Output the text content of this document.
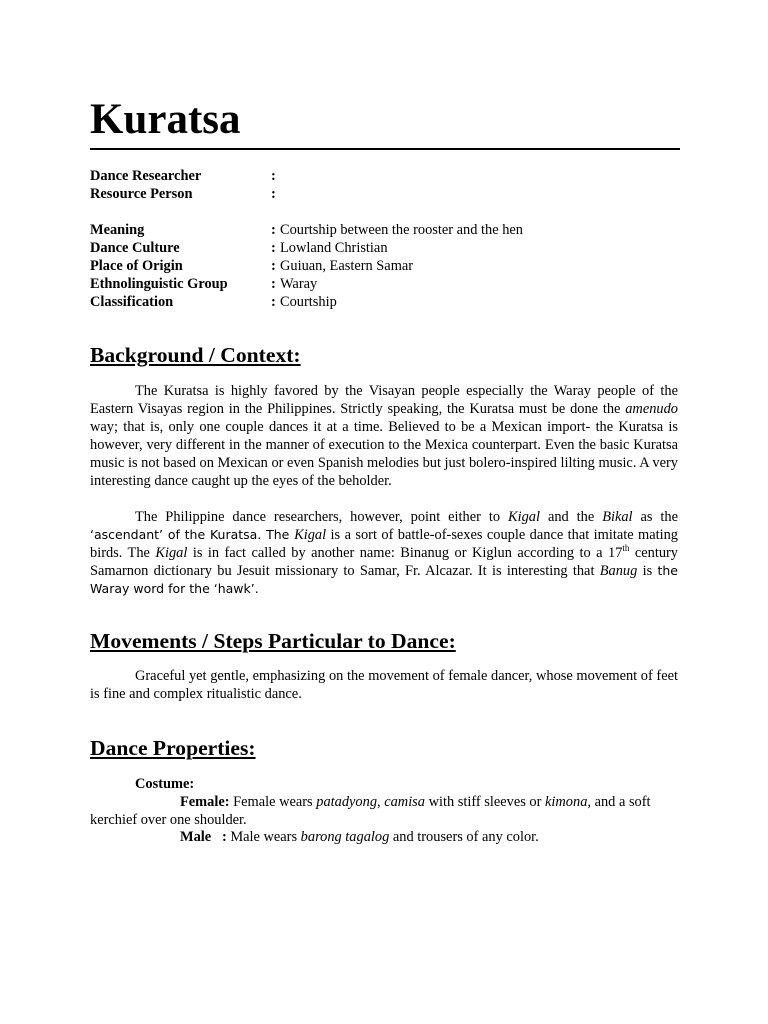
Kuratsa
Dance Researcher	:
Resource Person	:
Meaning	: Courtship between the rooster and the hen
Dance Culture	: Lowland Christian
Place of Origin	: Guiuan, Eastern Samar
Ethnolinguistic Group	: Waray
Classification	: Courtship
Background / Context:

The Kuratsa is highly favored by the Visayan people especially the Waray people of the Eastern Visayas region in the Philippines. Strictly speaking, the Kuratsa must be done the amenudo way; that is, only one couple dances it at a time. Believed to be a Mexican import- the Kuratsa is however, very different in the manner of execution to the Mexica counterpart. Even the basic Kuratsa music is not based on Mexican or even Spanish melodies but just bolero-inspired lilting music. A very interesting dance caught up the eyes of the beholder.

The Philippine dance researchers, however, point either to Kigal and the Bikal as the ‘ascendant’ of the Kuratsa. The Kigal is a sort of battle-of-sexes couple dance that imitate mating birds. The Kigal is in fact called by another name: Binanug or Kiglun according to a 17th century Samarnon dictionary bu Jesuit missionary to Samar, Fr. Alcazar. It is interesting that Banug is the Waray word for the ‘hawk’.

Movements / Steps Particular to Dance:

Graceful yet gentle, emphasizing on the movement of female dancer, whose movement of feet is fine and complex ritualistic dance.

Dance Properties:

Costume:

Female: Female wears patadyong, camisa with stiff sleeves or kimona, and a soft

kerchief over one shoulder.

Male   : Male wears barong tagalog and trousers of any color.
